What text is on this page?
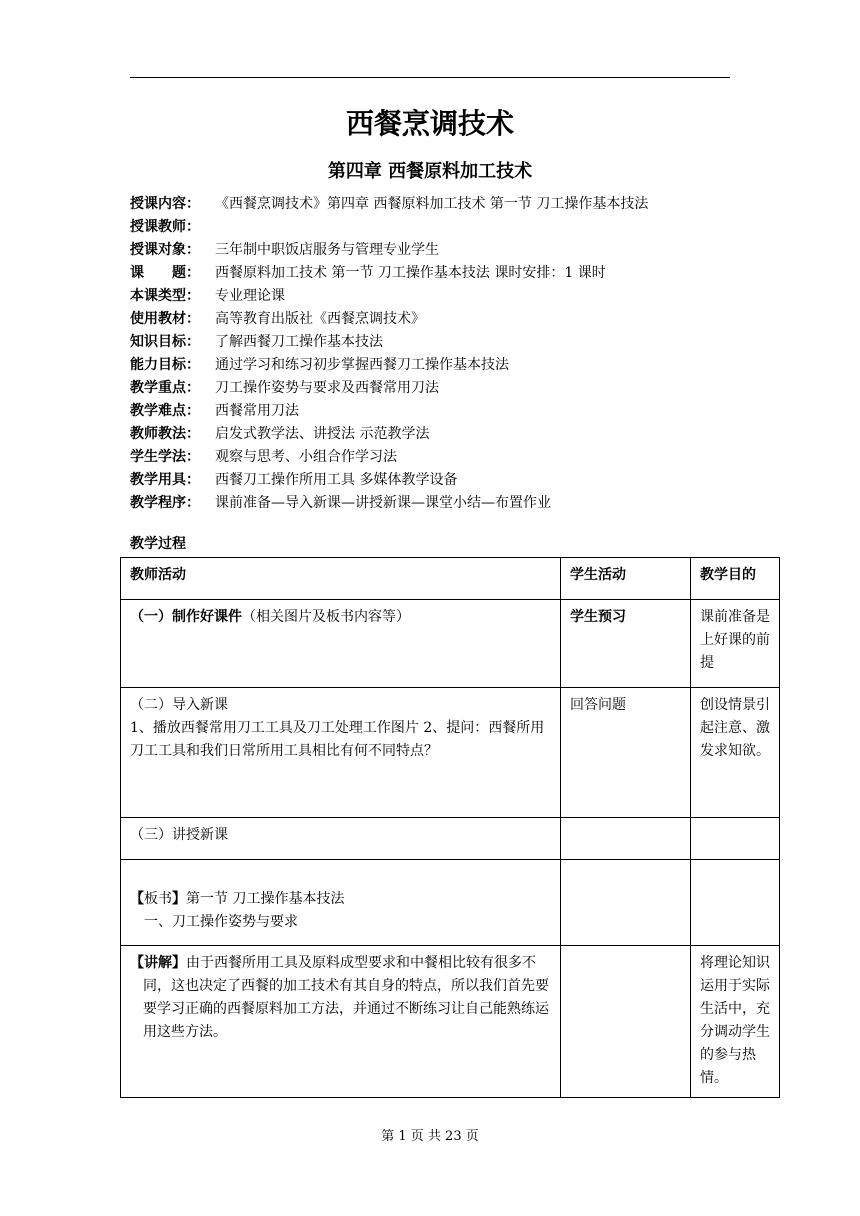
西餐烹调技术
第四章 西餐原料加工技术
授课内容：	《西餐烹调技术》第四章 西餐原料加工技术 第一节 刀工操作基本技法
授课教师：
授课对象：	三年制中职饭店服务与管理专业学生
课 题： 西餐原料加工技术 第一节 刀工操作基本技法 课时安排：1 课时
本课类型：	专业理论课
使用教材：	高等教育出版社《西餐烹调技术》
知识目标：	了解西餐刀工操作基本技法
能力目标：	通过学习和练习初步掌握西餐刀工操作基本技法
教学重点：	刀工操作姿势与要求及西餐常用刀法
教学难点：	西餐常用刀法
教师教法：	启发式教学法、讲授法 示范教学法
学生学法：	观察与思考、小组合作学习法
教学用具：	西餐刀工操作所用工具 多媒体教学设备
教学程序：	课前准备—导入新课—讲授新课—课堂小结—布置作业
教学过程
教师活动	学生活动	教学目的
（一）制作好课件（相关图片及板书内容等）	学生预习	课前准备是上好课的前提

（二）导入新课
1、播放西餐常用刀工工具及刀工处理工作图片 2、提问：西餐所用刀工工具和我们日常所用工具相比有何不同特点？	回答问题	创设情景引起注意、激发求知欲。
（三）讲授新课		

【板书】第一节 刀工操作基本技法
一、刀工操作姿势与要求		

【讲解】由于西餐所用工具及原料成型要求和中餐相比较有很多不同，这也决定了西餐的加工技术有其自身的特点，所以我们首先要要学习正确的西餐原料加工方法，并通过不断练习让自己能熟练运用这些方法。		将理论知识运用于实际生活中，充分调动学生的参与热情。
第 1 页 共 23 页
